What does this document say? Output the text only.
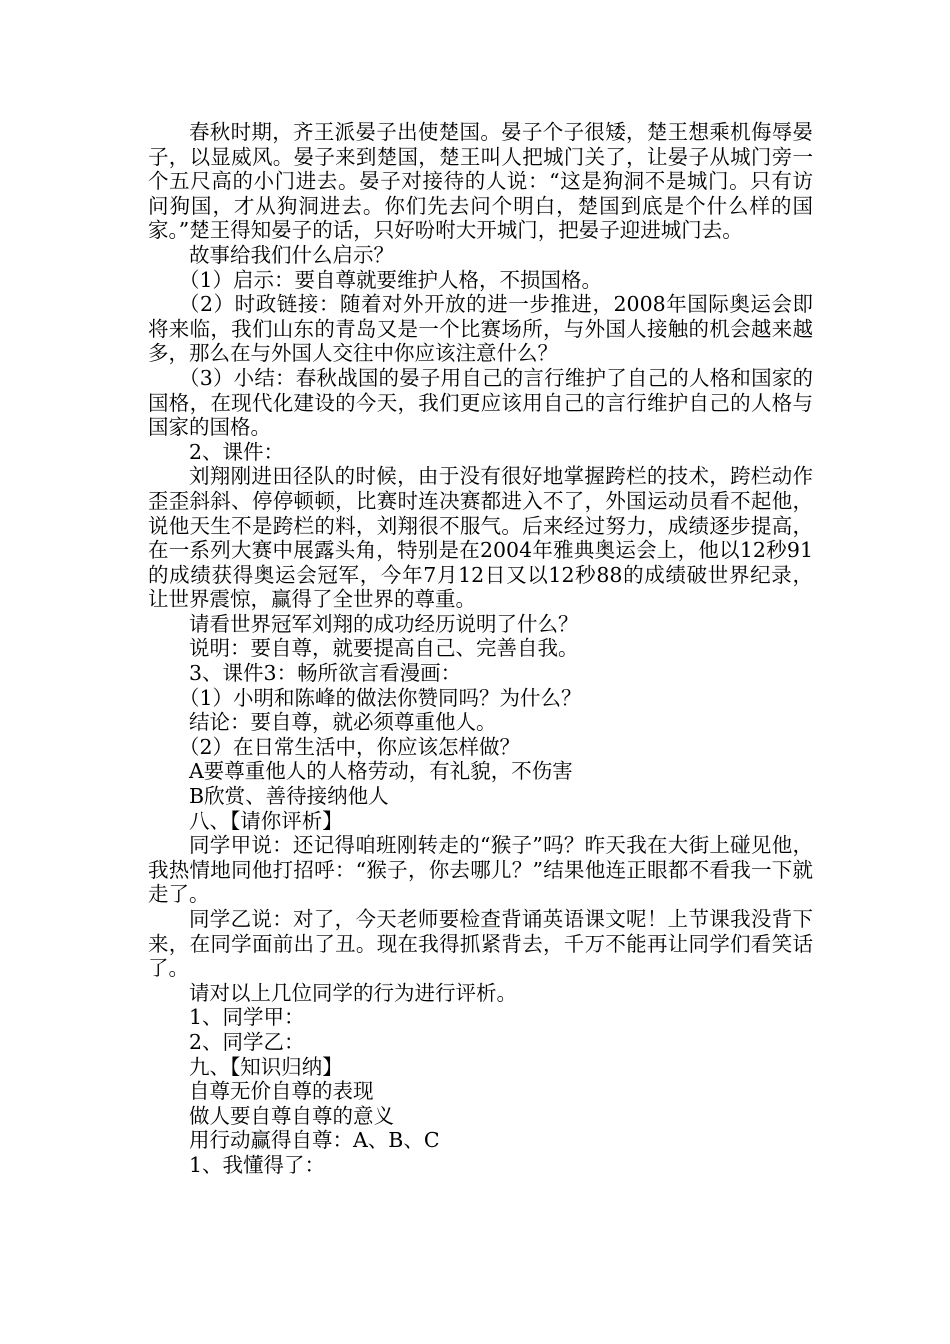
春秋时期，齐王派晏子出使楚国。晏子个子很矮，楚王想乘机侮辱晏子，以显威风。晏子来到楚国，楚王叫人把城门关了，让晏子从城门旁一个五尺高的小门进去。晏子对接待的人说：“这是狗洞不是城门。只有访问狗国，才从狗洞进去。你们先去问个明白，楚国到底是个什么样的国家。”楚王得知晏子的话，只好吩咐大开城门，把晏子迎进城门去。

故事给我们什么启示？

（1）启示：要自尊就要维护人格，不损国格。

（2）时政链接：随着对外开放的进一步推进，2008年国际奥运会即将来临，我们山东的青岛又是一个比赛场所，与外国人接触的机会越来越多，那么在与外国人交往中你应该注意什么？

（3）小结：春秋战国的晏子用自己的言行维护了自己的人格和国家的国格，在现代化建设的今天，我们更应该用自己的言行维护自己的人格与国家的国格。

2、课件：

刘翔刚进田径队的时候，由于没有很好地掌握跨栏的技术，跨栏动作歪歪斜斜、停停顿顿，比赛时连决赛都进入不了，外国运动员看不起他，说他天生不是跨栏的料，刘翔很不服气。后来经过努力，成绩逐步提高，在一系列大赛中展露头角，特别是在2004年雅典奥运会上，他以12秒91的成绩获得奥运会冠军，今年7月12日又以12秒88的成绩破世界纪录，让世界震惊，赢得了全世界的尊重。

请看世界冠军刘翔的成功经历说明了什么？

说明：要自尊，就要提高自己、完善自我。

3、课件3：畅所欲言看漫画：

（1）小明和陈峰的做法你赞同吗？为什么？

结论：要自尊，就必须尊重他人。

（2）在日常生活中，你应该怎样做？

A要尊重他人的人格劳动，有礼貌，不伤害

B欣赏、善待接纳他人

八、【请你评析】

同学甲说：还记得咱班刚转走的“猴子”吗？昨天我在大街上碰见他，我热情地同他打招呼：“猴子，你去哪儿？”结果他连正眼都不看我一下就走了。

同学乙说：对了，今天老师要检查背诵英语课文呢！上节课我没背下来，在同学面前出了丑。现在我得抓紧背去，千万不能再让同学们看笑话了。

请对以上几位同学的行为进行评析。

1、同学甲：

2、同学乙：

九、【知识归纳】

自尊无价自尊的表现

做人要自尊自尊的意义

用行动赢得自尊：A、B、C

1、我懂得了：
